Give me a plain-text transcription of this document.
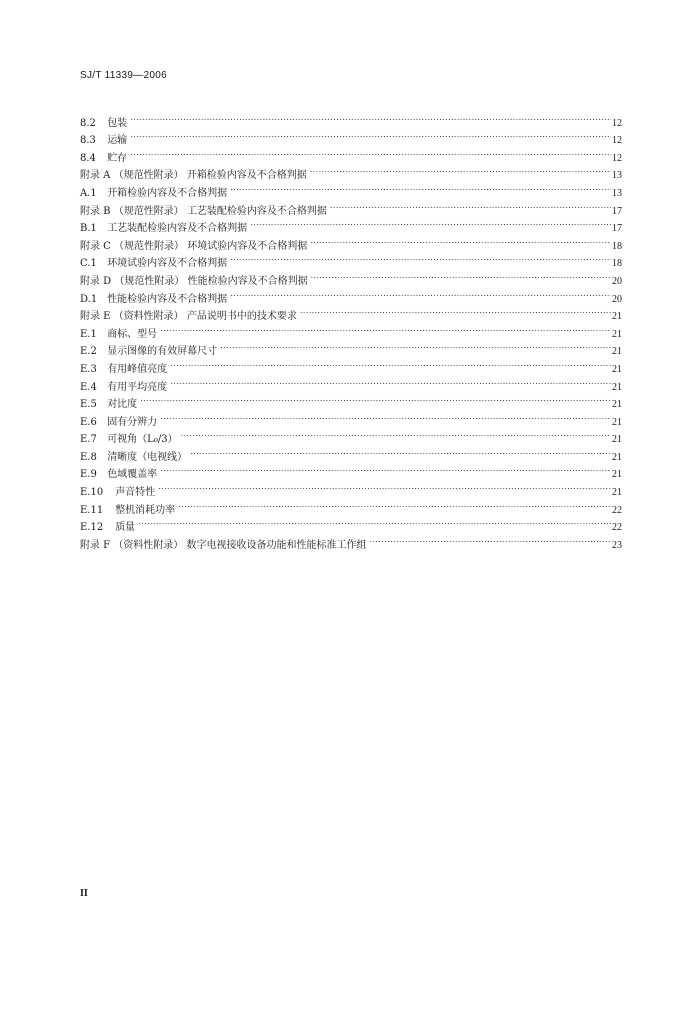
SJ/T 11339—2006
8.2 包装 .....	12
8.3 运输 .....	12
8.4 贮存 .....	12
附录 A （规范性附录） 开箱检验内容及不合格判据 .....	13
A.1 开箱检验内容及不合格判据 .....	13
附录 B （规范性附录） 工艺装配检验内容及不合格判据 .....	17
B.1 工艺装配检验内容及不合格判据 .....	17
附录 C （规范性附录） 环境试验内容及不合格判据 .....	18
C.1 环境试验内容及不合格判据 .....	18
附录 D （规范性附录） 性能检验内容及不合格判据 .....	20
D.1 性能检验内容及不合格判据 .....	20
附录 E （资料性附录） 产品说明书中的技术要求 .....	21
E.1 商标、型号 .....	21
E.2 显示图像的有效屏幕尺寸 .....	21
E.3 有用峰值亮度 .....	21
E.4 有用平均亮度 .....	21
E.5 对比度 .....	21
E.6 固有分辨力 .....	21
E.7 可视角（L₀/3） .....	21
E.8 清晰度（电视线） .....	21
E.9 色域覆盖率 .....	21
E.10 声音特性 .....	21
E.11 整机消耗功率 .....	22
E.12 质量 .....	22
附录 F （资料性附录） 数字电视接收设备功能和性能标准工作组 .....	23
II
